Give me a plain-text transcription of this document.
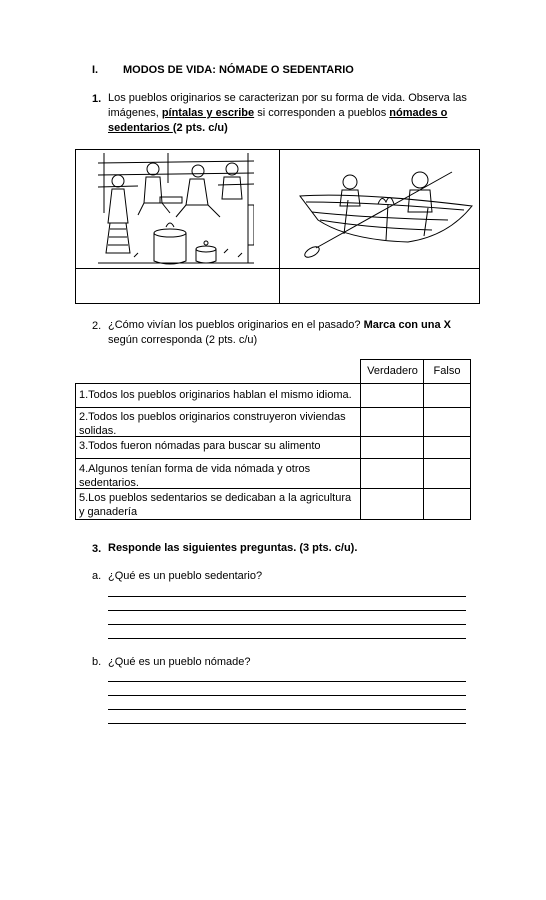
I. MODOS DE VIDA: NÓMADE O SEDENTARIO
1. Los pueblos originarios se caracterizan por su forma de vida. Observa las
imágenes, píntalas y escribe si corresponden a pueblos nómades o
sedentarios (2 pts. c/u)
2. ¿Cómo vivían los pueblos originarios en el pasado? Marca con una X
según corresponda (2 pts. c/u)
Verdadero	Falso
1.Todos los pueblos originarios hablan el mismo idioma.
2.Todos los pueblos originarios construyeron viviendas solidas.
3.Todos fueron nómadas para buscar su alimento
4.Algunos tenían forma de vida nómada y otros sedentarios.
5.Los pueblos sedentarios se dedicaban a la agricultura y ganadería
3. Responde las siguientes preguntas. (3 pts. c/u).
a. ¿Qué es un pueblo sedentario?
b. ¿Qué es un pueblo nómade?
